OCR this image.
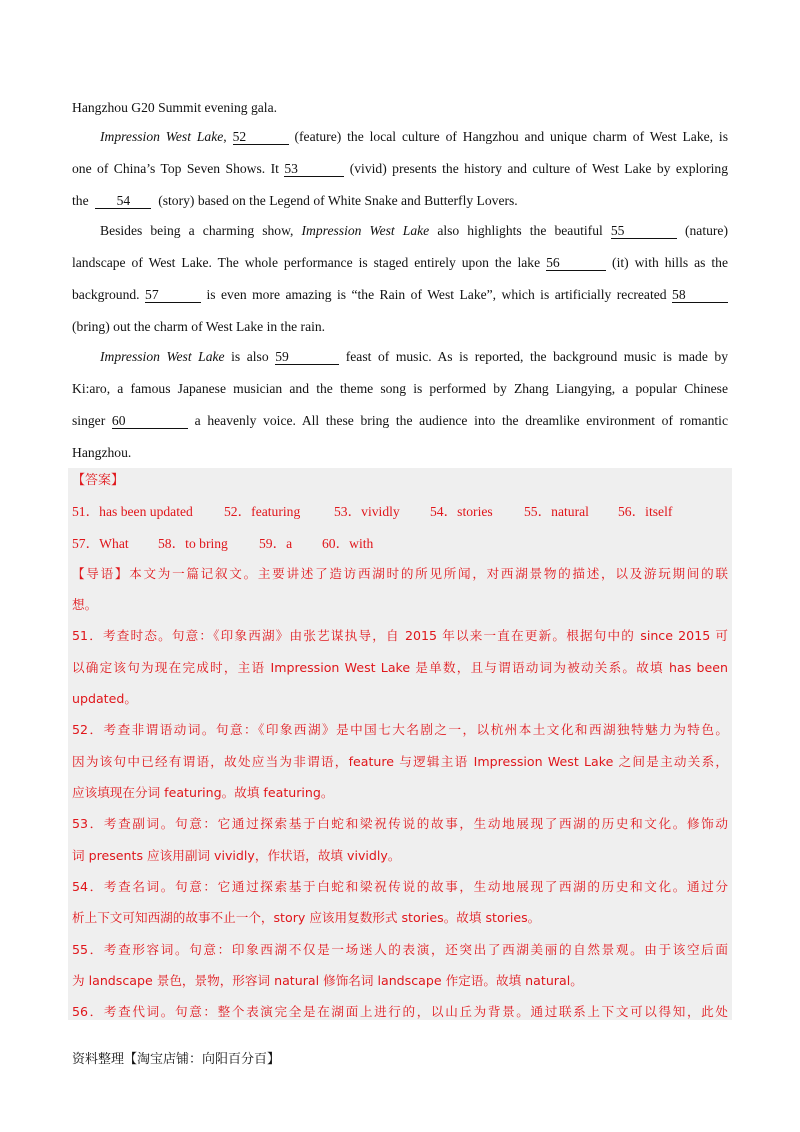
Hangzhou G20 Summit evening gala.
Impression West Lake, 52	(feature) the local culture of Hangzhou and unique charm of West Lake, is
one of China’s Top Seven Shows. It 53	(vivid) presents the history and culture of West Lake by exploring
the 54 (story) based on the Legend of White Snake and Butterfly Lovers.
Besides being a charming show, Impression West Lake also highlights the beautiful 55	(nature)
landscape of West Lake. The whole performance is staged entirely upon the lake 56	(it) with hills as the
background. 57	is even more amazing is “the Rain of West Lake”, which is artificially recreated 58
(bring) out the charm of West Lake in the rain.
Impression West Lake is also 59	feast of music. As is reported, the background music is made by
Ki:aro, a famous Japanese musician and the theme song is performed by Zhang Liangying, a popular Chinese
singer 60	a heavenly voice. All these bring the audience into the dreamlike environment of romantic
Hangzhou.
【答案】
51．has been updated 52．featuring 53．vividly 54．stories 55．natural 56．itself
57．What 58．to bring 59．a 60．with
【导语】本文为一篇记叙文。主要讲述了造访西湖时的所见所闻，对西湖景物的描述，以及游玩期间的联
想。
51．考查时态。句意：《印象西湖》由张艺谋执导，自 2015 年以来一直在更新。根据句中的 since 2015 可
以确定该句为现在完成时，主语 Impression West Lake 是单数，且与谓语动词为被动关系。故填 has been
updated。
52．考查非谓语动词。句意：《印象西湖》是中国七大名剧之一，以杭州本土文化和西湖独特魅力为特色。
因为该句中已经有谓语，故处应当为非谓语，feature 与逻辑主语 Impression West Lake 之间是主动关系，
应该填现在分词 featuring。故填 featuring。
53．考查副词。句意：它通过探索基于白蛇和梁祝传说的故事，生动地展现了西湖的历史和文化。修饰动
词 presents 应该用副词 vividly，作状语，故填 vividly。
54．考查名词。句意：它通过探索基于白蛇和梁祝传说的故事，生动地展现了西湖的历史和文化。通过分
析上下文可知西湖的故事不止一个，story 应该用复数形式 stories。故填 stories。
55．考查形容词。句意：印象西湖不仅是一场迷人的表演，还突出了西湖美丽的自然景观。由于该空后面
为 landscape 景色，景物，形容词 natural 修饰名词 landscape 作定语。故填 natural。
56．考查代词。句意：整个表演完全是在湖面上进行的，以山丘为背景。通过联系上下文可以得知，此处
资料整理【淘宝店铺：向阳百分百】
